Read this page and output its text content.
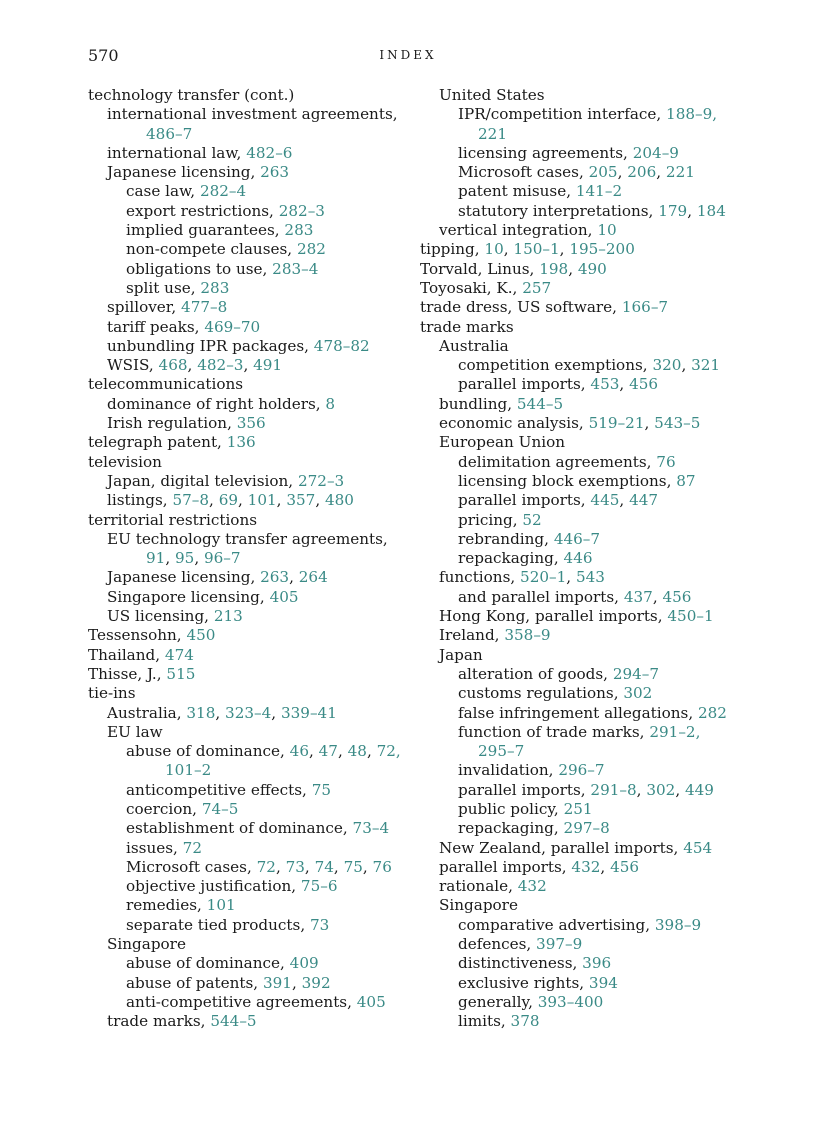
570	INDEX
technology transfer (cont.)
international investment agreements,
486–7
international law, 482–6
Japanese licensing, 263
case law, 282–4
export restrictions, 282–3
implied guarantees, 283
non-compete clauses, 282
obligations to use, 283–4
split use, 283
spillover, 477–8
tariff peaks, 469–70
unbundling IPR packages, 478–82
WSIS, 468, 482–3, 491
telecommunications
dominance of right holders, 8
Irish regulation, 356
telegraph patent, 136
television
Japan, digital television, 272–3
listings, 57–8, 69, 101, 357, 480
territorial restrictions
EU technology transfer agreements,
91, 95, 96–7
Japanese licensing, 263, 264
Singapore licensing, 405
US licensing, 213
Tessensohn, 450
Thailand, 474
Thisse, J., 515
tie-ins
Australia, 318, 323–4, 339–41
EU law
abuse of dominance, 46, 47, 48, 72,
101–2
anticompetitive effects, 75
coercion, 74–5
establishment of dominance, 73–4
issues, 72
Microsoft cases, 72, 73, 74, 75, 76
objective justification, 75–6
remedies, 101
separate tied products, 73
Singapore
abuse of dominance, 409
abuse of patents, 391, 392
anti-competitive agreements, 405
trade marks, 544–5
United States
IPR/competition interface, 188–9,
221
licensing agreements, 204–9
Microsoft cases, 205, 206, 221
patent misuse, 141–2
statutory interpretations, 179, 184
vertical integration, 10
tipping, 10, 150–1, 195–200
Torvald, Linus, 198, 490
Toyosaki, K., 257
trade dress, US software, 166–7
trade marks
Australia
competition exemptions, 320, 321
parallel imports, 453, 456
bundling, 544–5
economic analysis, 519–21, 543–5
European Union
delimitation agreements, 76
licensing block exemptions, 87
parallel imports, 445, 447
pricing, 52
rebranding, 446–7
repackaging, 446
functions, 520–1, 543
and parallel imports, 437, 456
Hong Kong, parallel imports, 450–1
Ireland, 358–9
Japan
alteration of goods, 294–7
customs regulations, 302
false infringement allegations, 282
function of trade marks, 291–2,
295–7
invalidation, 296–7
parallel imports, 291–8, 302, 449
public policy, 251
repackaging, 297–8
New Zealand, parallel imports, 454
parallel imports, 432, 456
rationale, 432
Singapore
comparative advertising, 398–9
defences, 397–9
distinctiveness, 396
exclusive rights, 394
generally, 393–400
limits, 378
